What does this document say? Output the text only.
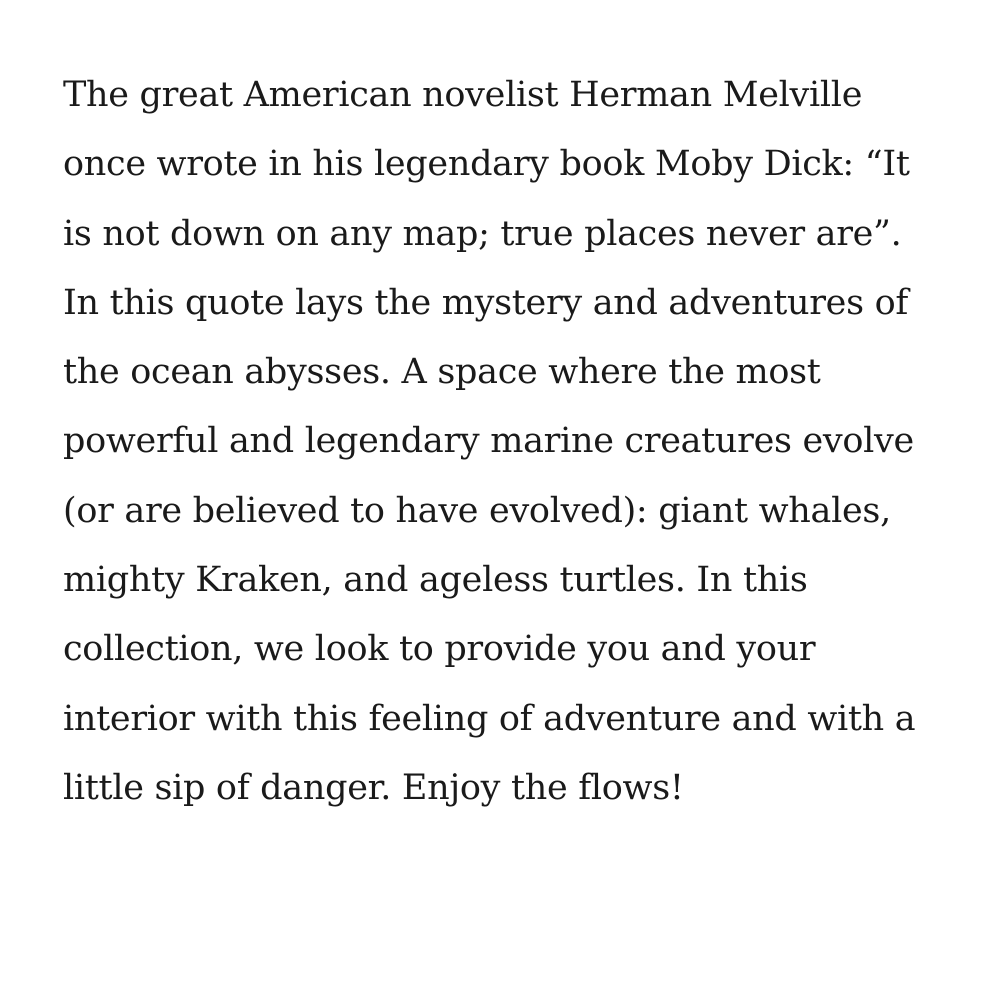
The great American novelist Herman Melville
once wrote in his legendary book Moby Dick: “It
is not down on any map; true places never are”.
In this quote lays the mystery and adventures of
the ocean abysses. A space where the most
powerful and legendary marine creatures evolve
(or are believed to have evolved): giant whales,
mighty Kraken, and ageless turtles. In this
collection, we look to provide you and your
interior with this feeling of adventure and with a
little sip of danger. Enjoy the flows!
